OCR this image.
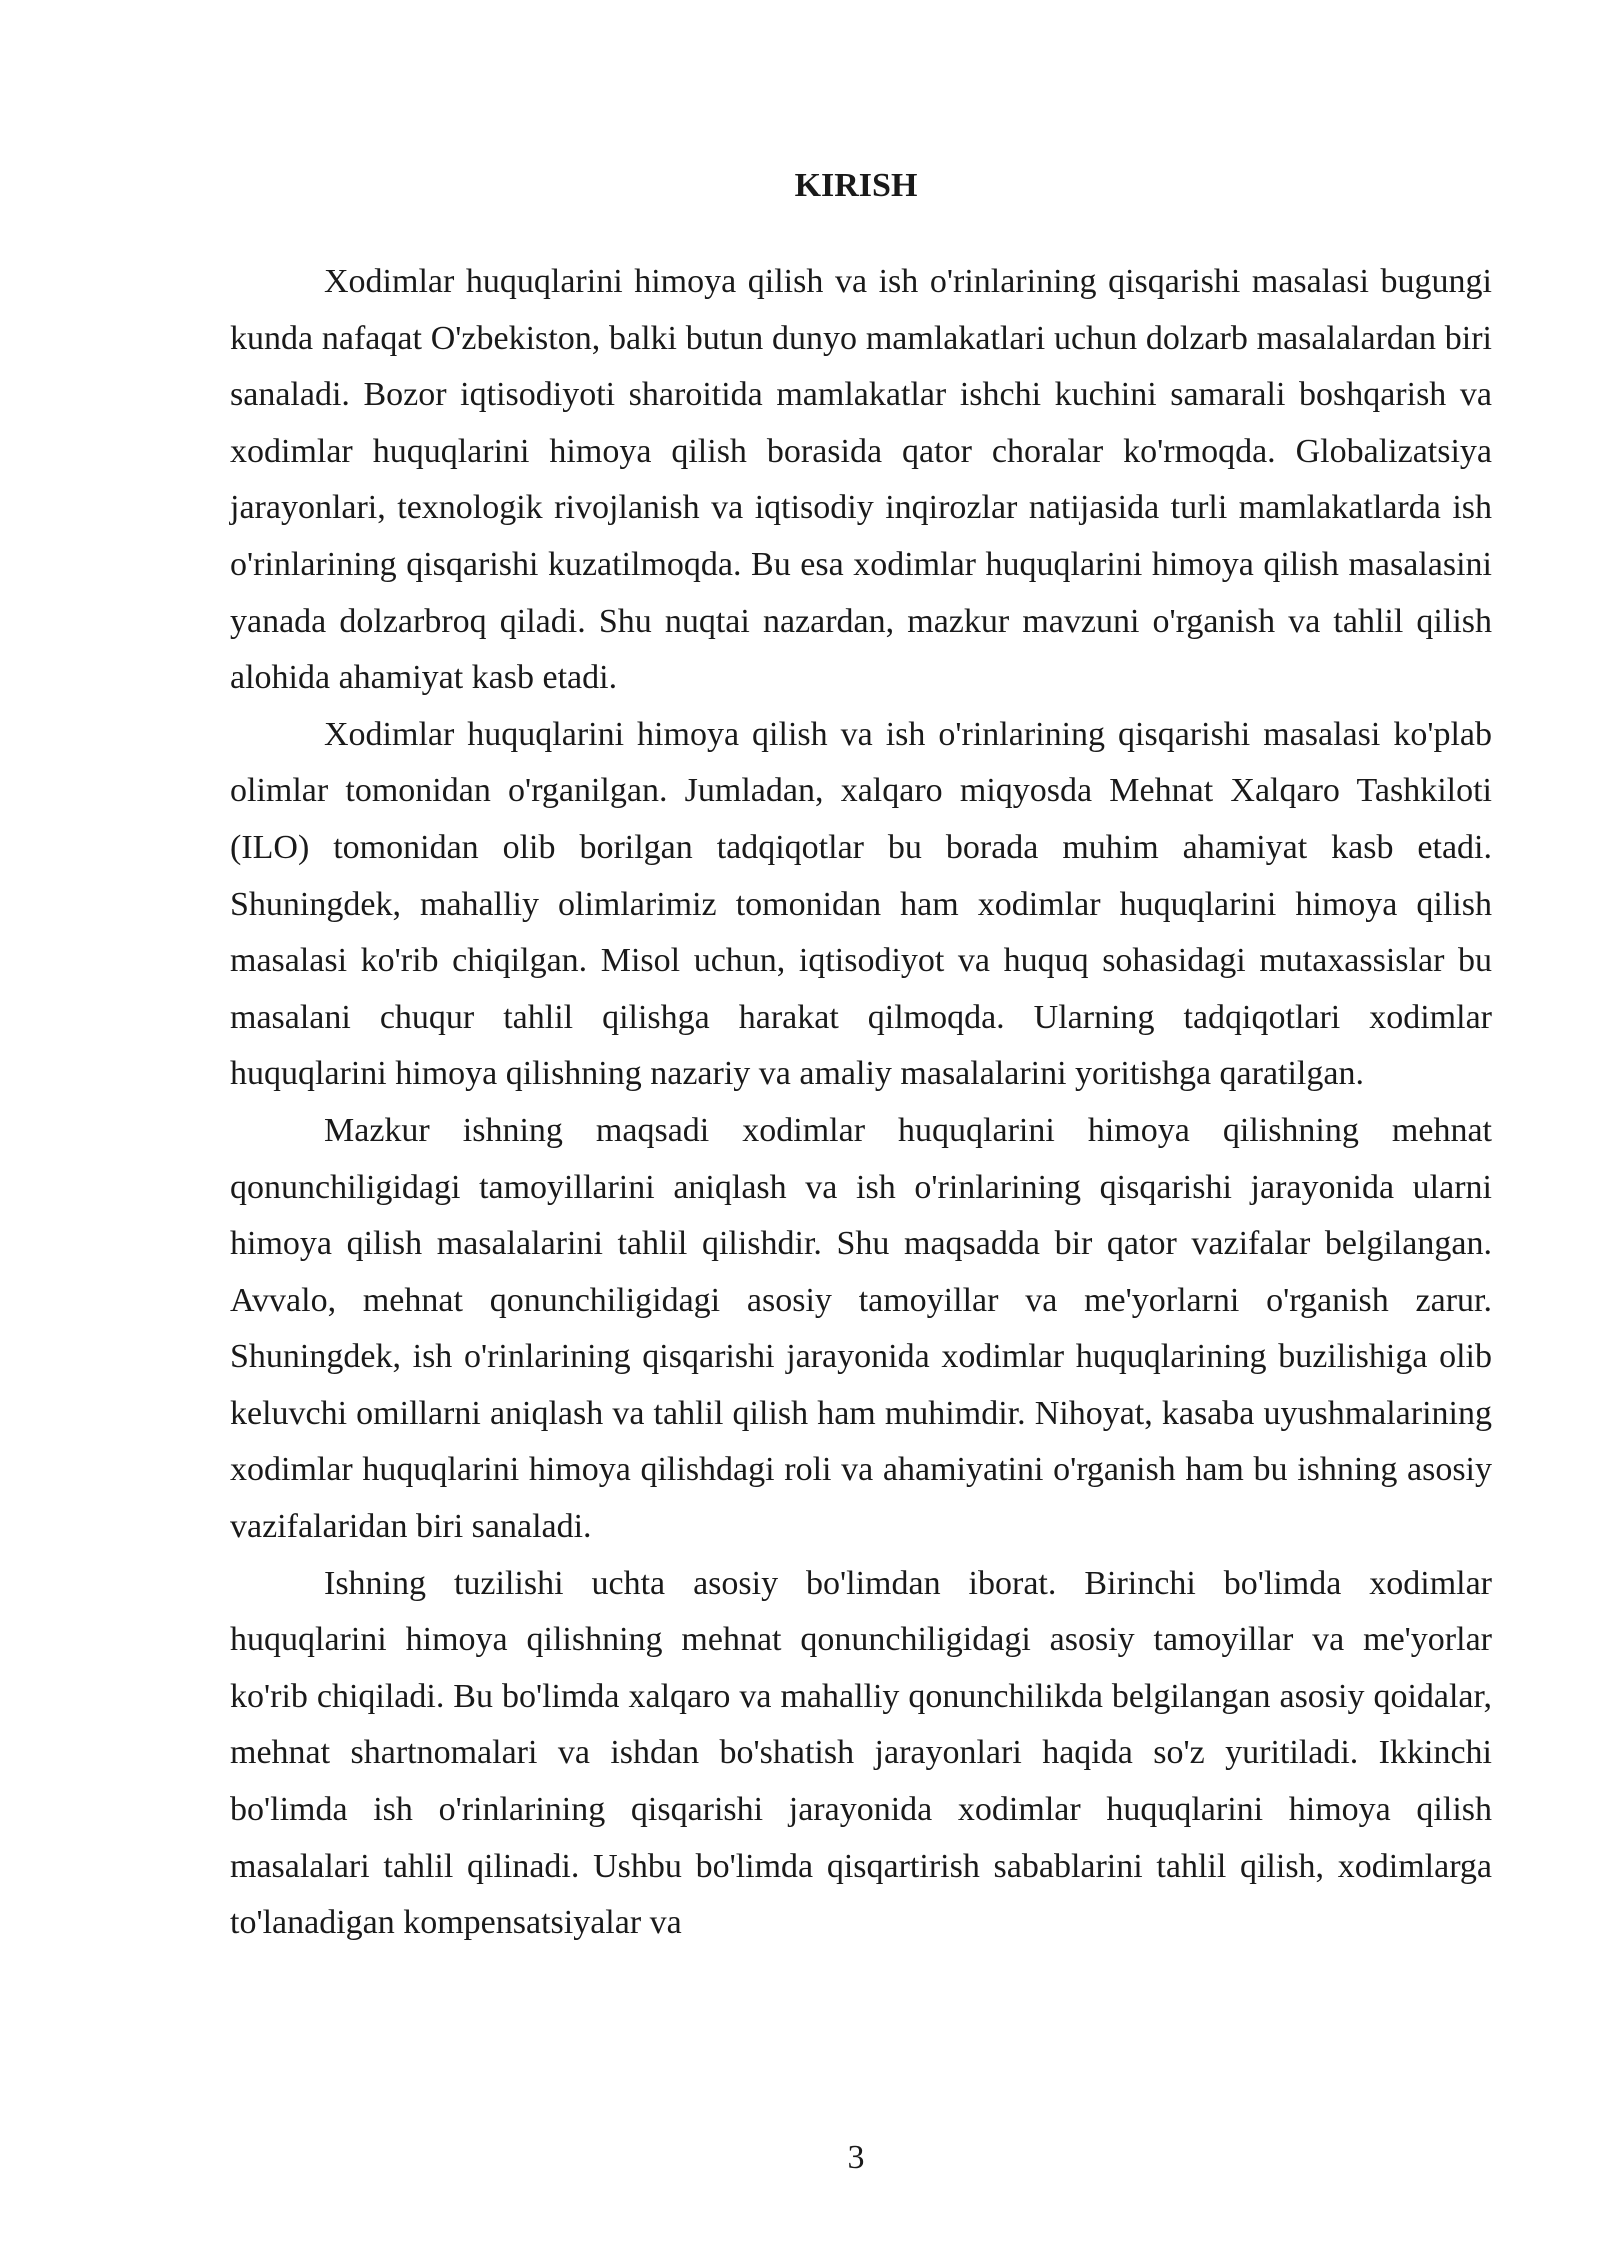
KIRISH

Xodimlar huquqlarini himoya qilish va ish o'rinlarining qisqarishi masalasi bugungi kunda nafaqat O'zbekiston, balki butun dunyo mamlakatlari uchun dolzarb masalalardan biri sanaladi. Bozor iqtisodiyoti sharoitida mamlakatlar ishchi kuchini samarali boshqarish va xodimlar huquqlarini himoya qilish borasida qator choralar ko'rmoqda. Globalizatsiya jarayonlari, texnologik rivojlanish va iqtisodiy inqirozlar natijasida turli mamlakatlarda ish o'rinlarining qisqarishi kuzatilmoqda. Bu esa xodimlar huquqlarini himoya qilish masalasini yanada dolzarbroq qiladi. Shu nuqtai nazardan, mazkur mavzuni o'rganish va tahlil qilish alohida ahamiyat kasb etadi.

Xodimlar huquqlarini himoya qilish va ish o'rinlarining qisqarishi masalasi ko'plab olimlar tomonidan o'rganilgan. Jumladan, xalqaro miqyosda Mehnat Xalqaro Tashkiloti (ILO) tomonidan olib borilgan tadqiqotlar bu borada muhim ahamiyat kasb etadi. Shuningdek, mahalliy olimlarimiz tomonidan ham xodimlar huquqlarini himoya qilish masalasi ko'rib chiqilgan. Misol uchun, iqtisodiyot va huquq sohasidagi mutaxassislar bu masalani chuqur tahlil qilishga harakat qilmoqda. Ularning tadqiqotlari xodimlar huquqlarini himoya qilishning nazariy va amaliy masalalarini yoritishga qaratilgan.

Mazkur ishning maqsadi xodimlar huquqlarini himoya qilishning mehnat qonunchiligidagi tamoyillarini aniqlash va ish o'rinlarining qisqarishi jarayonida ularni himoya qilish masalalarini tahlil qilishdir. Shu maqsadda bir qator vazifalar belgilangan. Avvalo, mehnat qonunchiligidagi asosiy tamoyillar va me'yorlarni o'rganish zarur. Shuningdek, ish o'rinlarining qisqarishi jarayonida xodimlar huquqlarining buzilishiga olib keluvchi omillarni aniqlash va tahlil qilish ham muhimdir. Nihoyat, kasaba uyushmalarining xodimlar huquqlarini himoya qilishdagi roli va ahamiyatini o'rganish ham bu ishning asosiy vazifalaridan biri sanaladi.

Ishning tuzilishi uchta asosiy bo'limdan iborat. Birinchi bo'limda xodimlar huquqlarini himoya qilishning mehnat qonunchiligidagi asosiy tamoyillar va me'yorlar ko'rib chiqiladi. Bu bo'limda xalqaro va mahalliy qonunchilikda belgilangan asosiy qoidalar, mehnat shartnomalari va ishdan bo'shatish jarayonlari haqida so'z yuritiladi. Ikkinchi bo'limda ish o'rinlarining qisqarishi jarayonida xodimlar huquqlarini himoya qilish masalalari tahlil qilinadi. Ushbu bo'limda qisqartirish sabablarini tahlil qilish, xodimlarga to'lanadigan kompensatsiyalar va

3
